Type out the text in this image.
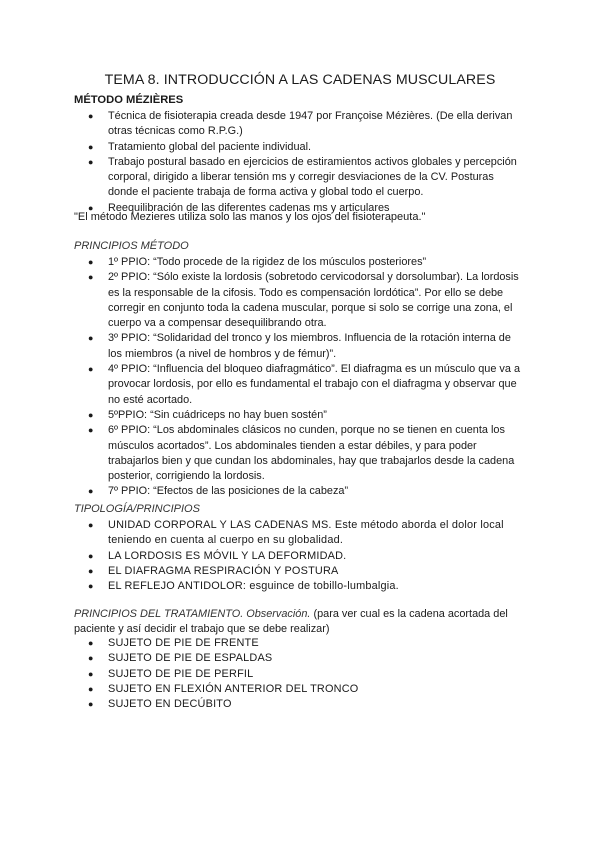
TEMA 8. INTRODUCCIÓN A LAS CADENAS MUSCULARES
MÉTODO MÉZIÈRES
● Técnica de fisioterapia creada desde 1947 por Françoise Mézières. (De ella derivan otras técnicas como R.P.G.)
● Tratamiento global del paciente individual.
● Trabajo postural basado en ejercicios de estiramientos activos globales y percepción corporal, dirigido a liberar tensión ms y corregir desviaciones de la CV. Posturas donde el paciente trabaja de forma activa y global todo el cuerpo.
● Reequilibración de las diferentes cadenas ms y articulares
"El método Mezieres utiliza solo las manos y los ojos del fisioterapeuta."
PRINCIPIOS MÉTODO
● 1º PPIO: “Todo procede de la rigidez de los músculos posteriores”
● 2º PPIO: “Sólo existe la lordosis (sobretodo cervicodorsal y dorsolumbar). La lordosis es la responsable de la cifosis. Todo es compensación lordótica”. Por ello se debe corregir en conjunto toda la cadena muscular, porque si solo se corrige una zona, el cuerpo va a compensar desequilibrando otra.
● 3º PPIO: “Solidaridad del tronco y los miembros. Influencia de la rotación interna de los miembros (a nivel de hombros y de fémur)”.
● 4º PPIO: “Influencia del bloqueo diafragmático”. El diafragma es un músculo que va a provocar lordosis, por ello es fundamental el trabajo con el diafragma y observar que no esté acortado.
● 5ºPPIO: “Sin cuádriceps no hay buen sostén”
● 6º PPIO: “Los abdominales clásicos no cunden, porque no se tienen en cuenta los músculos acortados”. Los abdominales tienden a estar débiles, y para poder trabajarlos bien y que cundan los abdominales, hay que trabajarlos desde la cadena posterior, corrigiendo la lordosis.
● 7º PPIO: “Efectos de las posiciones de la cabeza”
TIPOLOGÍA/PRINCIPIOS
● UNIDAD CORPORAL Y LAS CADENAS MS. Este método aborda el dolor local teniendo en cuenta al cuerpo en su globalidad.
● LA LORDOSIS ES MÓVIL Y LA DEFORMIDAD.
● EL DIAFRAGMA RESPIRACIÓN Y POSTURA
● EL REFLEJO ANTIDOLOR: esguince de tobillo-lumbalgia.
PRINCIPIOS DEL TRATAMIENTO. Observación. (para ver cual es la cadena acortada del paciente y así decidir el trabajo que se debe realizar)
● SUJETO DE PIE DE FRENTE
● SUJETO DE PIE DE ESPALDAS
● SUJETO DE PIE DE PERFIL
● SUJETO EN FLEXIÓN ANTERIOR DEL TRONCO
● SUJETO EN DECÚBITO
